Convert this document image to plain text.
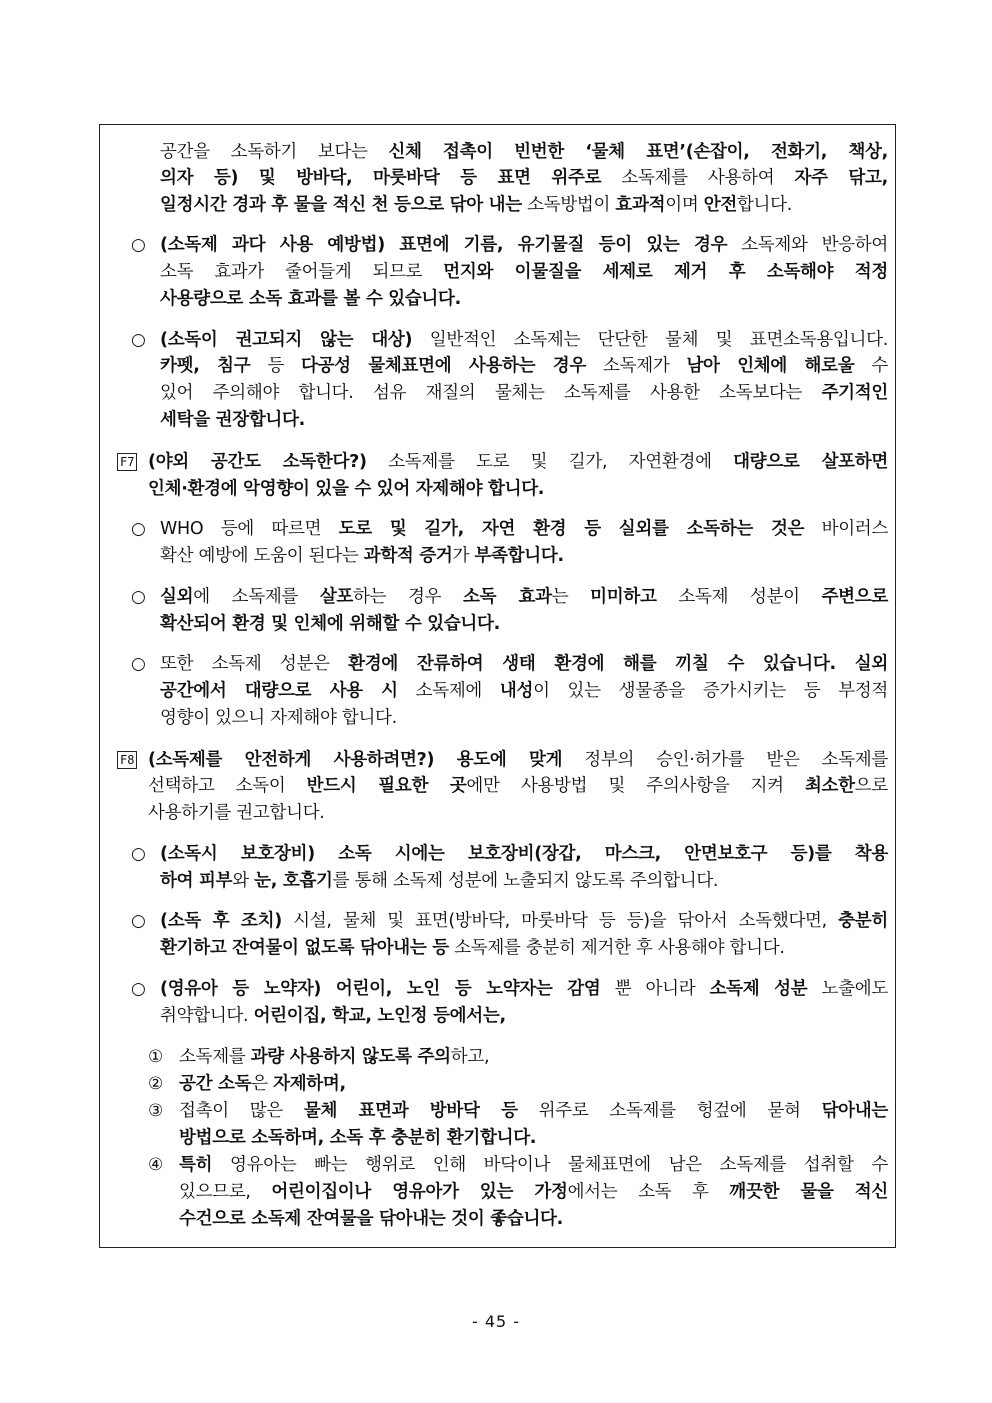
공간을 소독하기 보다는 신체 접촉이 빈번한 ‘물체 표면’(손잡이, 전화기, 책상,
의자 등) 및 방바닥, 마룻바닥 등 표면 위주로 소독제를 사용하여 자주 닦고,
일정시간 경과 후 물을 적신 천 등으로 닦아 내는 소독방법이 효과적이며 안전합니다.
○ (소독제 과다 사용 예방법) 표면에 기름, 유기물질 등이 있는 경우 소독제와 반응하여
소독 효과가 줄어들게 되므로 먼지와 이물질을 세제로 제거 후 소독해야 적정
사용량으로 소독 효과를 볼 수 있습니다.
○ (소독이 권고되지 않는 대상) 일반적인 소독제는 단단한 물체 및 표면소독용입니다.
카펫, 침구 등 다공성 물체표면에 사용하는 경우 소독제가 남아 인체에 해로울 수
있어 주의해야 합니다. 섬유 재질의 물체는 소독제를 사용한 소독보다는 주기적인
세탁을 권장합니다.
F7 (야외 공간도 소독한다?) 소독제를 도로 및 길가, 자연환경에 대량으로 살포하면
인체·환경에 악영향이 있을 수 있어 자제해야 합니다.
○ WHO 등에 따르면 도로 및 길가, 자연 환경 등 실외를 소독하는 것은 바이러스
확산 예방에 도움이 된다는 과학적 증거가 부족합니다.
○ 실외에 소독제를 살포하는 경우 소독 효과는 미미하고 소독제 성분이 주변으로
확산되어 환경 및 인체에 위해할 수 있습니다.
○ 또한 소독제 성분은 환경에 잔류하여 생태 환경에 해를 끼칠 수 있습니다. 실외
공간에서 대량으로 사용 시 소독제에 내성이 있는 생물종을 증가시키는 등 부정적
영향이 있으니 자제해야 합니다.
F8 (소독제를 안전하게 사용하려면?) 용도에 맞게 정부의 승인·허가를 받은 소독제를
선택하고 소독이 반드시 필요한 곳에만 사용방법 및 주의사항을 지켜 최소한으로
사용하기를 권고합니다.
○ (소독시 보호장비) 소독 시에는 보호장비(장갑, 마스크, 안면보호구 등)를 착용
하여 피부와 눈, 호흡기를 통해 소독제 성분에 노출되지 않도록 주의합니다.
○ (소독 후 조치) 시설, 물체 및 표면(방바닥, 마룻바닥 등 등)을 닦아서 소독했다면, 충분히
환기하고 잔여물이 없도록 닦아내는 등 소독제를 충분히 제거한 후 사용해야 합니다.
○ (영유아 등 노약자) 어린이, 노인 등 노약자는 감염 뿐 아니라 소독제 성분 노출에도
취약합니다. 어린이집, 학교, 노인정 등에서는,
① 소독제를 과량 사용하지 않도록 주의하고,
② 공간 소독은 자제하며,
③ 접촉이 많은 물체 표면과 방바닥 등 위주로 소독제를 헝겊에 묻혀 닦아내는
방법으로 소독하며, 소독 후 충분히 환기합니다.
④ 특히 영유아는 빠는 행위로 인해 바닥이나 물체표면에 남은 소독제를 섭취할 수
있으므로, 어린이집이나 영유아가 있는 가정에서는 소독 후 깨끗한 물을 적신
수건으로 소독제 잔여물을 닦아내는 것이 좋습니다.
- 45 -
